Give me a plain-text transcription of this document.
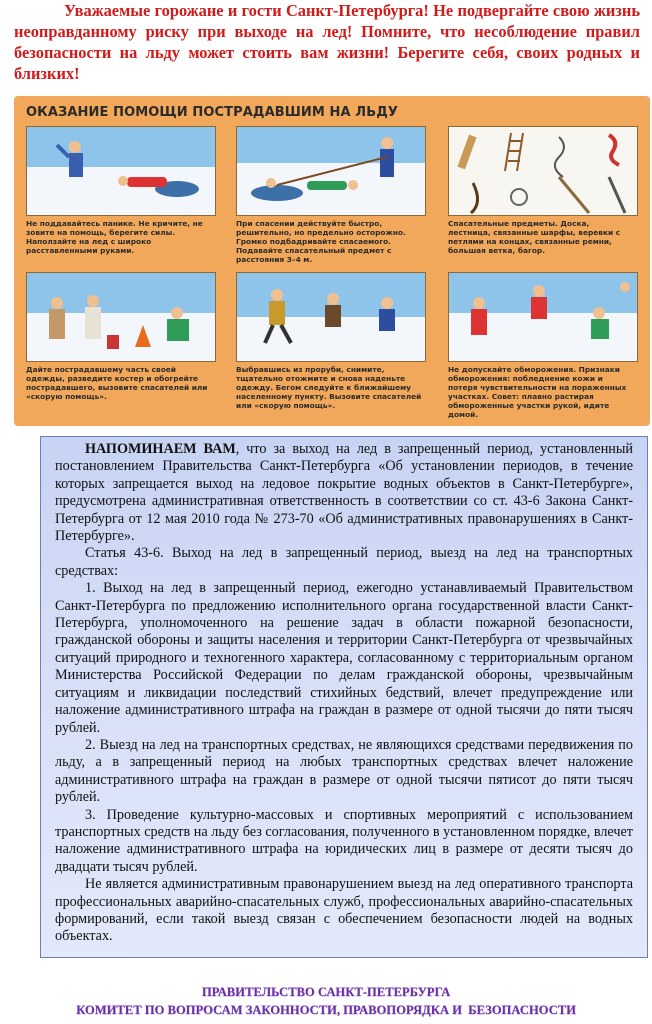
Уважаемые горожане и гости Санкт-Петербурга! Не подвергайте свою жизнь неоправданному риску при выходе на лед! Помните, что несоблюдение правил безопасности на льду может стоить вам жизни! Берегите себя, своих родных и близких!
ОКАЗАНИЕ ПОМОЩИ ПОСТРАДАВШИМ НА ЛЬДУ
Не поддавайтесь панике. Не кричите, не зовите на помощь, берегите силы. Наползайте на лед с широко расставленными руками.
При спасении действуйте быстро, решительно, но предельно осторожно. Громко подбадривайте спасаемого. Подавайте спасательный предмет с расстояния 3–4 м.
Спасательные предметы. Доска, лестница, связанные шарфы, веревки с петлями на концах, связанные ремни, большая ветка, багор.
Дайте пострадавшему часть своей одежды, разведите костер и обогрейте пострадавшего, вызовите спасателей или «скорую помощь».
Выбравшись из проруби, снимите, тщательно отожмите и снова наденьте одежду. Бегом следуйте к ближайшему населенному пункту. Вызовите спасателей или «скорую помощь».
Не допускайте обморожения. Признаки обморожения: побледнение кожи и потеря чувствительности на пораженных участках. Совет: плавно растирая обмороженные участки рукой, идите домой.

НАПОМИНАЕМ ВАМ, что за выход на лед в запрещенный период, установленный постановлением Правительства Санкт-Петербурга «Об установлении периодов, в течение которых запрещается выход на ледовое покрытие водных объектов в Санкт-Петербурге», предусмотрена административная ответственность в соответствии со ст. 43-6 Закона Санкт-Петербурга от 12 мая 2010 года № 273-70 «Об административных правонарушениях в Санкт-Петербурге».

Статья 43-6. Выход на лед в запрещенный период, выезд на лед на транспортных средствах:

1. Выход на лед в запрещенный период, ежегодно устанавливаемый Правительством Санкт-Петербурга по предложению исполнительного органа государственной власти Санкт-Петербурга, уполномоченного на решение задач в области пожарной безопасности, гражданской обороны и защиты населения и территории Санкт-Петербурга от чрезвычайных ситуаций природного и техногенного характера, согласованному с территориальным органом Министерства Российской Федерации по делам гражданской обороны, чрезвычайным ситуациям и ликвидации последствий стихийных бедствий, влечет предупреждение или наложение административного штрафа на граждан в размере от одной тысячи до пяти тысяч рублей.

2. Выезд на лед на транспортных средствах, не являющихся средствами передвижения по льду, а в запрещенный период на любых транспортных средствах влечет наложение административного штрафа на граждан в размере от одной тысячи пятисот до пяти тысяч рублей.

3. Проведение культурно-массовых и спортивных мероприятий с использованием транспортных средств на льду без согласования, полученного в установленном порядке, влечет наложение административного штрафа на юридических лиц в размере от десяти тысяч до двадцати тысяч рублей.

Не является административным правонарушением выезд на лед оперативного транспорта профессиональных аварийно-спасательных служб, профессиональных аварийно-спасательных формирований, если такой выезд связан с обеспечением безопасности людей на водных объектах.

ПРАВИТЕЛЬСТВО САНКТ-ПЕТЕРБУРГА
КОМИТЕТ ПО ВОПРОСАМ ЗАКОННОСТИ, ПРАВОПОРЯДКА И  БЕЗОПАСНОСТИ
